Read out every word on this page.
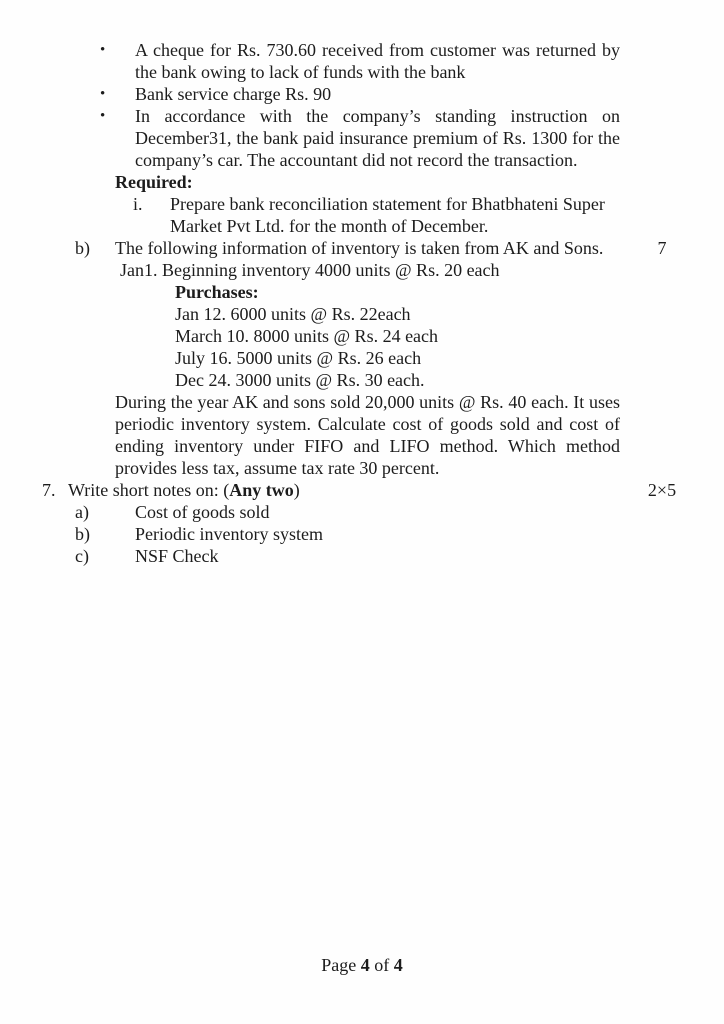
•	A cheque for Rs. 730.60 received from customer was returned by the bank owing to lack of funds with the bank

•	Bank service charge Rs. 90

•	In accordance with the company’s standing instruction on December31, the bank paid insurance premium of Rs. 1300 for the company’s car. The accountant did not record the transaction.

Required:

i.	Prepare bank reconciliation statement for Bhatbhateni Super Market Pvt Ltd. for the month of December.

b)	The following information of inventory is taken from AK and Sons.	7

Jan1. Beginning inventory 4000 units @ Rs. 20 each

Purchases:

Jan 12. 6000 units @ Rs. 22each

March 10. 8000 units @ Rs. 24 each

July 16. 5000 units @ Rs. 26 each

Dec 24. 3000 units @ Rs. 30 each.

During the year AK and sons sold 20,000 units @ Rs. 40 each. It uses periodic inventory system. Calculate cost of goods sold and cost of ending inventory under FIFO and LIFO method. Which method provides less tax, assume tax rate 30 percent.

7. Write short notes on: (Any two)	2×5
a)	Cost of goods sold

b)	Periodic inventory system

c)	NSF Check

Page 4 of 4
